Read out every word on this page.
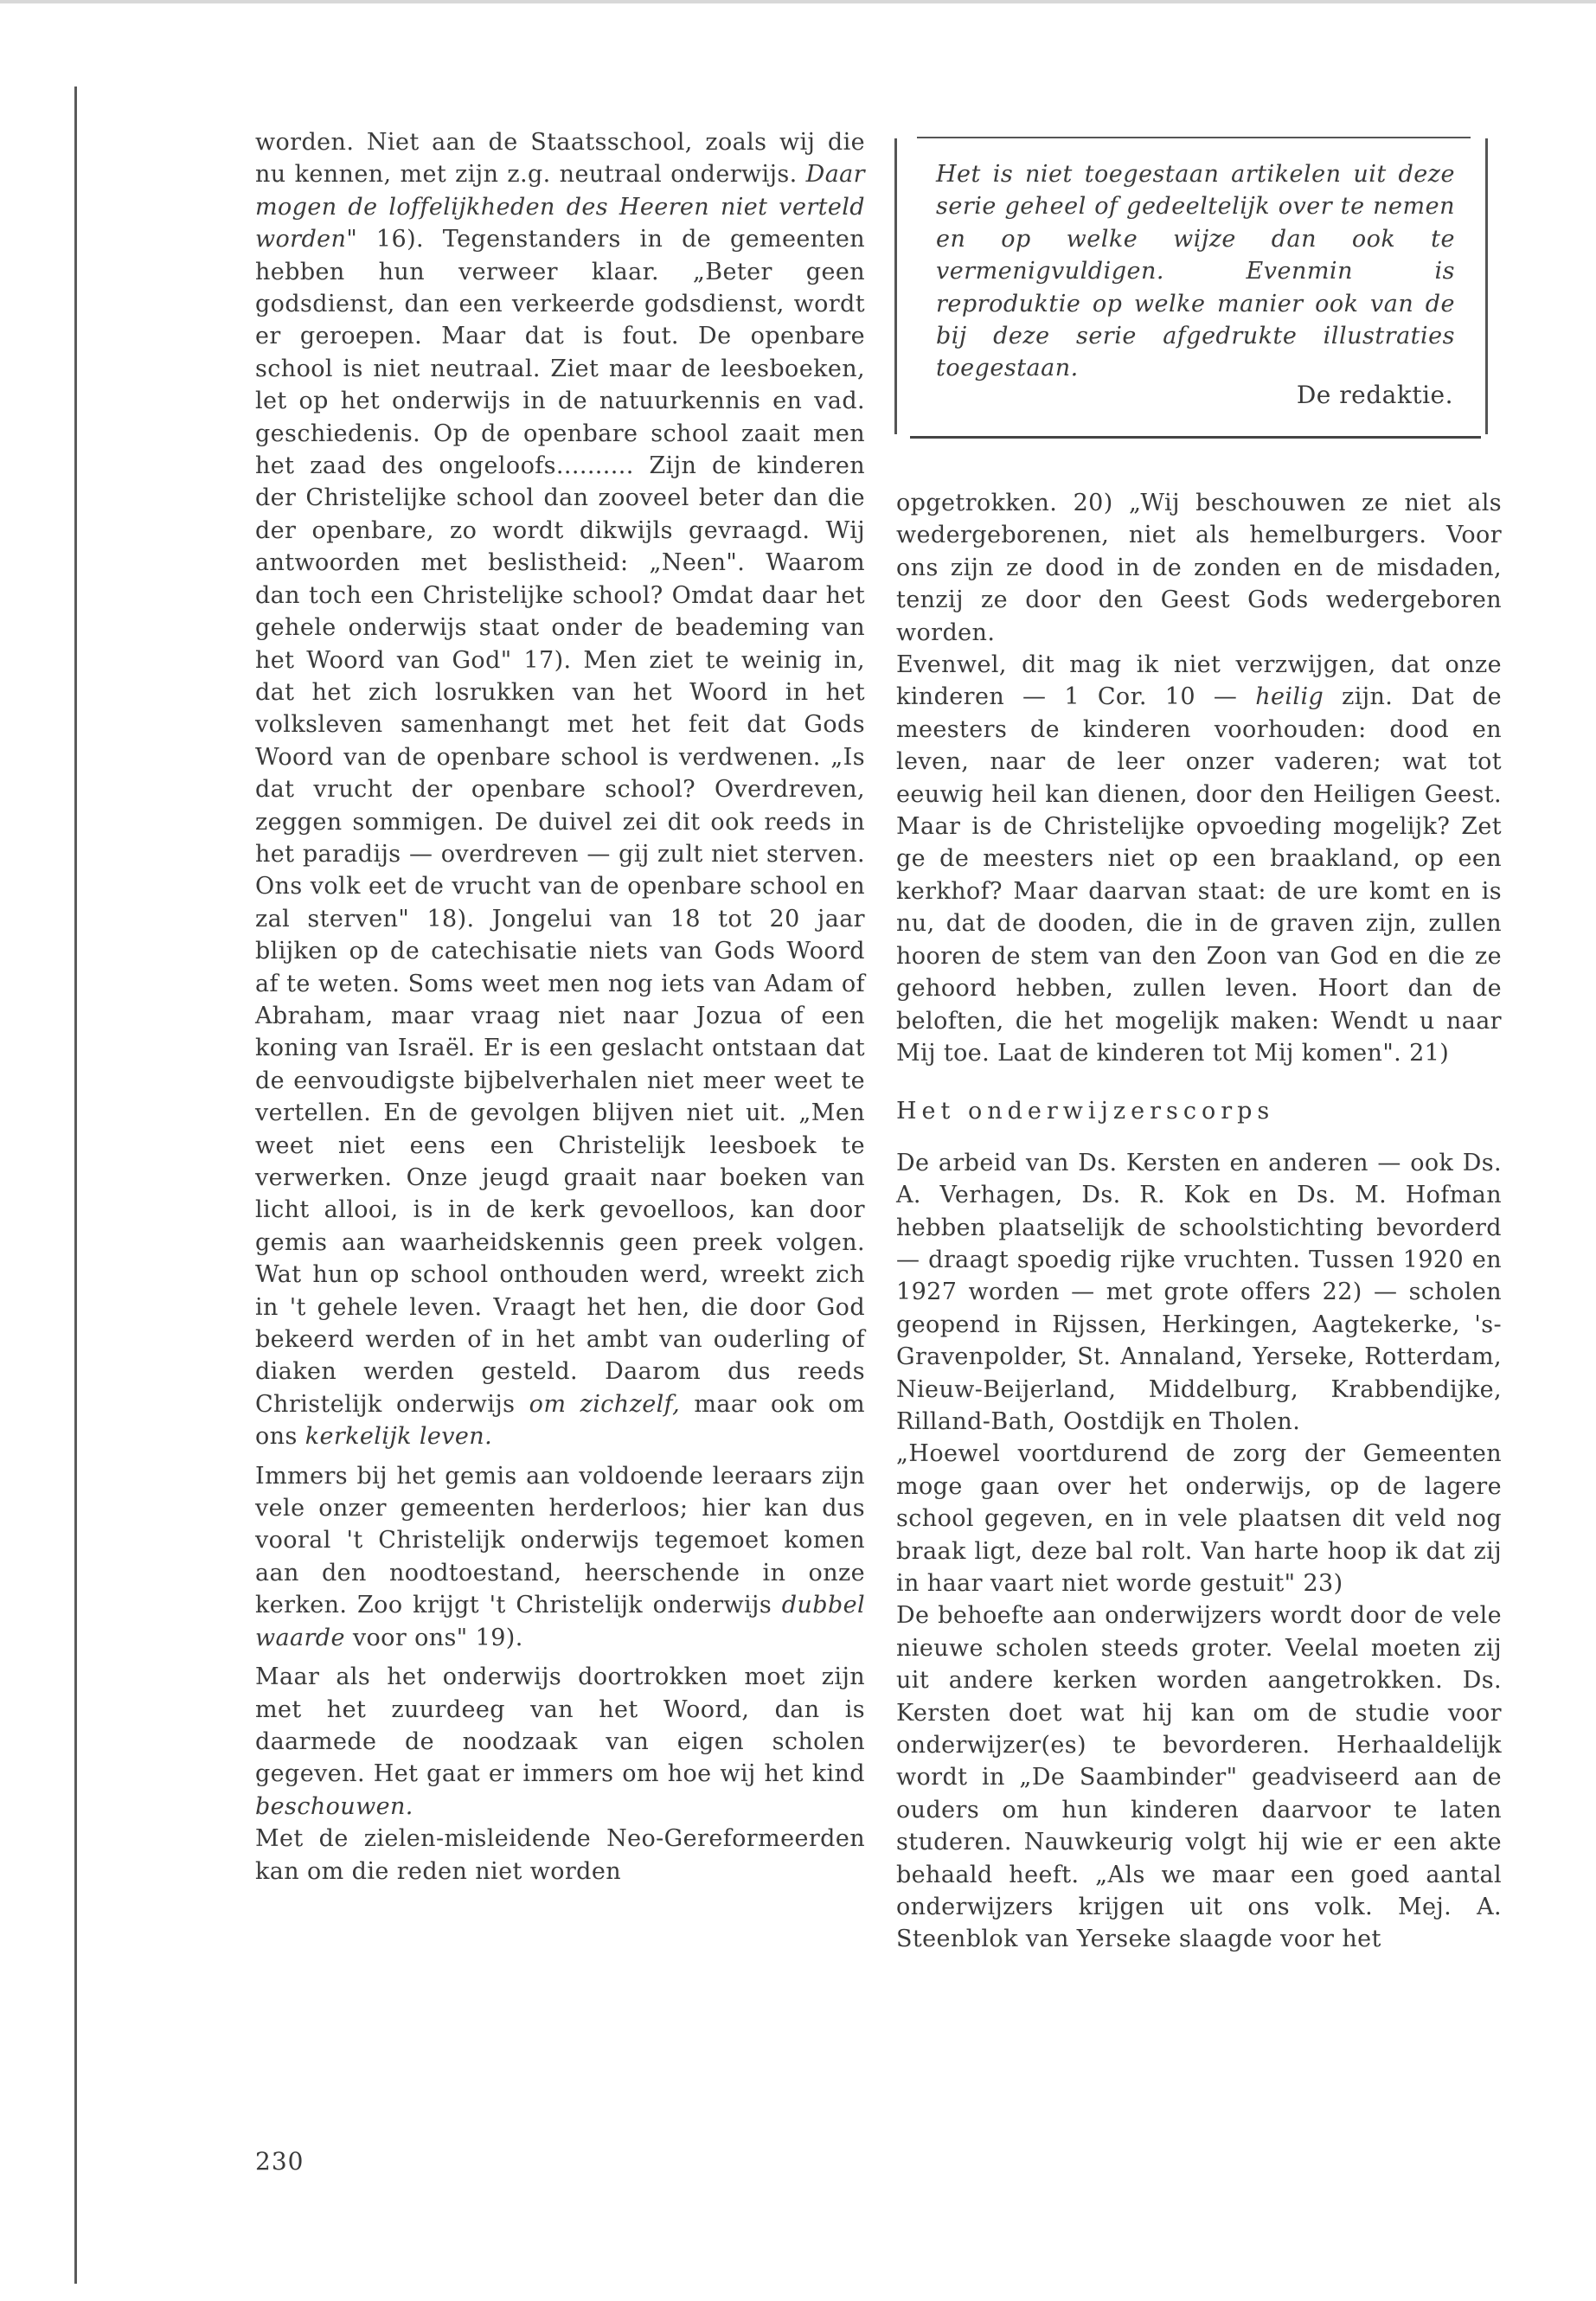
worden. Niet aan de Staatsschool, zoals wij die nu kennen, met zijn z.g. neutraal onderwijs. Daar mogen de loffelijkheden des Heeren niet verteld worden" 16). Tegenstanders in de gemeenten hebben hun verweer klaar. „Beter geen godsdienst, dan een verkeerde godsdienst, wordt er geroepen. Maar dat is fout. De openbare school is niet neutraal. Ziet maar de leesboeken, let op het onderwijs in de natuurkennis en vad. geschiedenis. Op de openbare school zaait men het zaad des ongeloofs.......... Zijn de kinderen der Christelijke school dan zooveel beter dan die der openbare, zo wordt dikwijls gevraagd. Wij antwoorden met beslistheid: „Neen". Waarom dan toch een Christelijke school? Omdat daar het gehele onderwijs staat onder de beademing van het Woord van God" 17). Men ziet te weinig in, dat het zich losrukken van het Woord in het volksleven samenhangt met het feit dat Gods Woord van de openbare school is verdwenen. „Is dat vrucht der openbare school? Overdreven, zeggen sommigen. De duivel zei dit ook reeds in het paradijs — overdreven — gij zult niet sterven. Ons volk eet de vrucht van de openbare school en zal sterven" 18). Jongelui van 18 tot 20 jaar blijken op de catechisatie niets van Gods Woord af te weten. Soms weet men nog iets van Adam of Abraham, maar vraag niet naar Jozua of een koning van Israël. Er is een geslacht ontstaan dat de eenvoudigste bijbelverhalen niet meer weet te vertellen. En de gevolgen blijven niet uit. „Men weet niet eens een Christelijk leesboek te verwerken. Onze jeugd graait naar boeken van licht allooi, is in de kerk gevoelloos, kan door gemis aan waarheidskennis geen preek volgen. Wat hun op school onthouden werd, wreekt zich in 't gehele leven. Vraagt het hen, die door God bekeerd werden of in het ambt van ouderling of diaken werden gesteld. Daarom dus reeds Christelijk onderwijs om zichzelf, maar ook om ons kerkelijk leven.

Immers bij het gemis aan voldoende leeraars zijn vele onzer gemeenten herderloos; hier kan dus vooral 't Christelijk onderwijs tegemoet komen aan den noodtoestand, heerschende in onze kerken. Zoo krijgt 't Christelijk onderwijs dubbel waarde voor ons" 19).

Maar als het onderwijs doortrokken moet zijn met het zuurdeeg van het Woord, dan is daarmede de noodzaak van eigen scholen gegeven. Het gaat er immers om hoe wij het kind beschouwen.

Met de zielen-misleidende Neo-Gereformeerden kan om die reden niet worden

Het is niet toegestaan artikelen uit deze serie geheel of gedeeltelijk over te nemen en op welke wijze dan ook te vermenigvuldigen. Evenmin is reproduktie op welke manier ook van de bij deze serie afgedrukte illustraties toegestaan.
De redaktie.

opgetrokken. 20) „Wij beschouwen ze niet als wedergeborenen, niet als hemelburgers. Voor ons zijn ze dood in de zonden en de misdaden, tenzij ze door den Geest Gods wedergeboren worden.

Evenwel, dit mag ik niet verzwijgen, dat onze kinderen — 1 Cor. 10 — heilig zijn. Dat de meesters de kinderen voorhouden: dood en leven, naar de leer onzer vaderen; wat tot eeuwig heil kan dienen, door den Heiligen Geest. Maar is de Christelijke opvoeding mogelijk? Zet ge de meesters niet op een braakland, op een kerkhof? Maar daarvan staat: de ure komt en is nu, dat de dooden, die in de graven zijn, zullen hooren de stem van den Zoon van God en die ze gehoord hebben, zullen leven. Hoort dan de beloften, die het mogelijk maken: Wendt u naar Mij toe. Laat de kinderen tot Mij komen". 21)

Het onderwijzerscorps

De arbeid van Ds. Kersten en anderen — ook Ds. A. Verhagen, Ds. R. Kok en Ds. M. Hofman hebben plaatselijk de schoolstichting bevorderd — draagt spoedig rijke vruchten. Tussen 1920 en 1927 worden — met grote offers 22) — scholen geopend in Rijssen, Herkingen, Aagtekerke, 's-Gravenpolder, St. Annaland, Yerseke, Rotterdam, Nieuw-Beijerland, Middelburg, Krabbendijke, Rilland-Bath, Oostdijk en Tholen.

„Hoewel voortdurend de zorg der Gemeenten moge gaan over het onderwijs, op de lagere school gegeven, en in vele plaatsen dit veld nog braak ligt, deze bal rolt. Van harte hoop ik dat zij in haar vaart niet worde gestuit" 23)

De behoefte aan onderwijzers wordt door de vele nieuwe scholen steeds groter. Veelal moeten zij uit andere kerken worden aangetrokken. Ds. Kersten doet wat hij kan om de studie voor onderwijzer(es) te bevorderen. Herhaaldelijk wordt in „De Saambinder" geadviseerd aan de ouders om hun kinderen daarvoor te laten studeren. Nauwkeurig volgt hij wie er een akte behaald heeft. „Als we maar een goed aantal onderwijzers krijgen uit ons volk. Mej. A. Steenblok van Yerseke slaagde voor het

230
